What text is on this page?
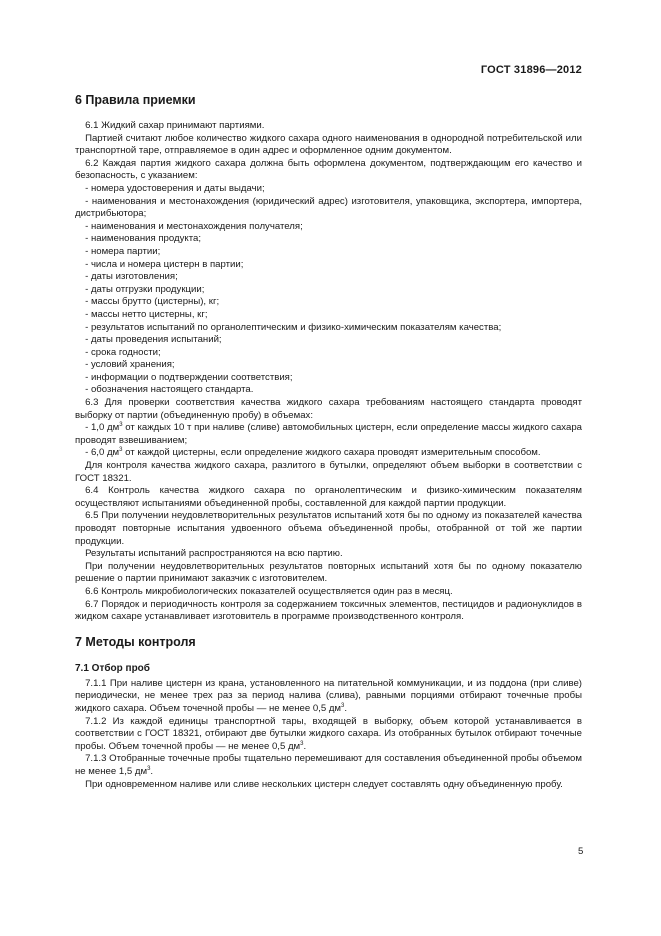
ГОСТ 31896—2012
6 Правила приемки

6.1 Жидкий сахар принимают партиями.

Партией считают любое количество жидкого сахара одного наименования в однородной потребительской или транспортной таре, отправляемое в один адрес и оформленное одним документом.

6.2 Каждая партия жидкого сахара должна быть оформлена документом, подтверждающим его качество и безопасность, с указанием:

- номера удостоверения и даты выдачи;

- наименования и местонахождения (юридический адрес) изготовителя, упаковщика, экспортера, импортера, дистрибьютора;

- наименования и местонахождения получателя;

- наименования продукта;

- номера партии;

- числа и номера цистерн в партии;

- даты изготовления;

- даты отгрузки продукции;

- массы брутто (цистерны), кг;

- массы нетто цистерны, кг;

- результатов испытаний по органолептическим и физико-химическим показателям качества;

- даты проведения испытаний;

- срока годности;

- условий хранения;

- информации о подтверждении соответствия;

- обозначения настоящего стандарта.

6.3 Для проверки соответствия качества жидкого сахара требованиям настоящего стандарта проводят выборку от партии (объединенную пробу) в объемах:

- 1,0 $дм^3$ от каждых 10 т при наливе (сливе) автомобильных цистерн, если определение массы жидкого сахара проводят взвешиванием;

- 6,0 $дм^3$ от каждой цистерны, если определение жидкого сахара проводят измерительным способом.

Для контроля качества жидкого сахара, разлитого в бутылки, определяют объем выборки в соответствии с ГОСТ 18321.

6.4 Контроль качества жидкого сахара по органолептическим и физико-химическим показателям осуществляют испытаниями объединенной пробы, составленной для каждой партии продукции.

6.5 При получении неудовлетворительных результатов испытаний хотя бы по одному из показателей качества проводят повторные испытания удвоенного объема объединенной пробы, отобранной от той же партии продукции.

Результаты испытаний распространяются на всю партию.

При получении неудовлетворительных результатов повторных испытаний хотя бы по одному показателю решение о партии принимают заказчик с изготовителем.

6.6 Контроль микробиологических показателей осуществляется один раз в месяц.

6.7 Порядок и периодичность контроля за содержанием токсичных элементов, пестицидов и радионуклидов в жидком сахаре устанавливает изготовитель в программе производственного контроля.

7 Методы контроля
7.1 Отбор проб

7.1.1 При наливе цистерн из крана, установленного на питательной коммуникации, и из поддона (при сливе) периодически, не менее трех раз за период налива (слива), равными порциями отбирают точечные пробы жидкого сахара. Объем точечной пробы — не менее 0,5 $дм^3$.

7.1.2 Из каждой единицы транспортной тары, входящей в выборку, объем которой устанавливается в соответствии с ГОСТ 18321, отбирают две бутылки жидкого сахара. Из отобранных бутылок отбирают точечные пробы. Объем точечной пробы — не менее 0,5 $дм^3$.

7.1.3 Отобранные точечные пробы тщательно перемешивают для составления объединенной пробы объемом не менее 1,5 $дм^3$.

При одновременном наливе или сливе нескольких цистерн следует составлять одну объединенную пробу.

5
